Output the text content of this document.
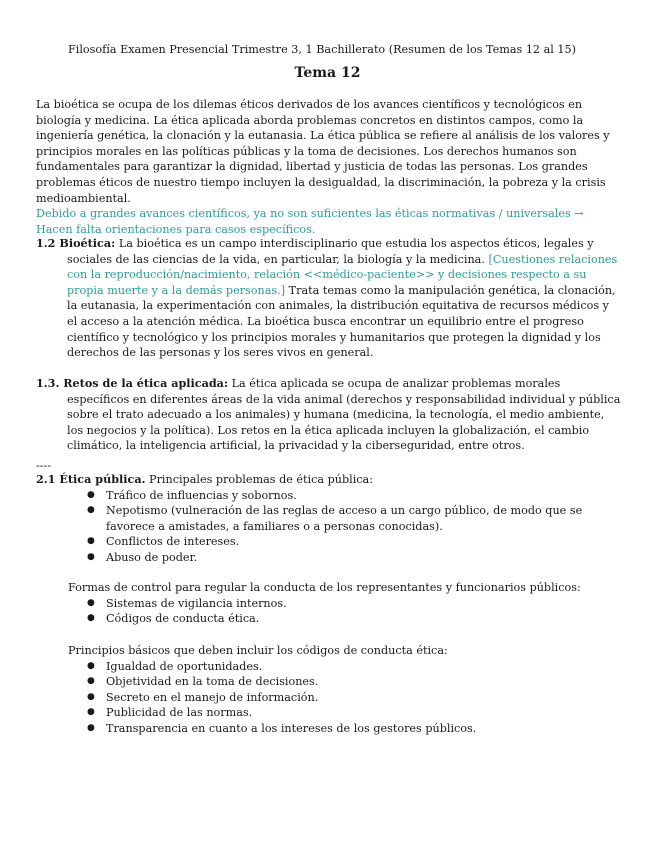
Filosofía Examen Presencial Trimestre 3, 1 Bachillerato (Resumen de los Temas 12 al 15)
Tema 12

La bioética se ocupa de los dilemas éticos derivados de los avances científicos y tecnológicos en biología y medicina. La ética aplicada aborda problemas concretos en distintos campos, como la ingeniería genética, la clonación y la eutanasia. La ética pública se refiere al análisis de los valores y principios morales en las políticas públicas y la toma de decisiones. Los derechos humanos son fundamentales para garantizar la dignidad, libertad y justicia de todas las personas. Los grandes problemas éticos de nuestro tiempo incluyen la desigualdad, la discriminación, la pobreza y la crisis medioambiental.
Debido a grandes avances científicos, ya no son suficientes las éticas normativas / universales → Hacen falta orientaciones para casos específicos.

1.2 Bioética: La bioética es un campo interdisciplinario que estudia los aspectos éticos, legales y sociales de las ciencias de la vida, en particular, la biología y la medicina. [Cuestiones relaciones con la reproducción/nacimiento, relación <<médico-paciente>> y decisiones respecto a su propia muerte y a la demás personas.] Trata temas como la manipulación genética, la clonación, la eutanasia, la experimentación con animales, la distribución equitativa de recursos médicos y el acceso a la atención médica. La bioética busca encontrar un equilibrio entre el progreso científico y tecnológico y los principios morales y humanitarios que protegen la dignidad y los derechos de las personas y los seres vivos en general.

1.3. Retos de la ética aplicada: La ética aplicada se ocupa de analizar problemas morales específicos en diferentes áreas de la vida animal (derechos y responsabilidad individual y pública sobre el trato adecuado a los animales) y humana (medicina, la tecnología, el medio ambiente, los negocios y la política). Los retos en la ética aplicada incluyen la globalización, el cambio climático, la inteligencia artificial, la privacidad y la ciberseguridad, entre otros.

----

2.1 Ética pública. Principales problemas de ética pública:

● Tráfico de influencias y sobornos.
● Nepotismo (vulneración de las reglas de acceso a un cargo público, de modo que se favorece a amistades, a familiares o a personas conocidas).
● Conflictos de intereses.
● Abuso de poder.

Formas de control para regular la conducta de los representantes y funcionarios públicos:

● Sistemas de vigilancia internos.
● Códigos de conducta ética.

Principios básicos que deben incluir los códigos de conducta ética:

● Igualdad de oportunidades.
● Objetividad en la toma de decisiones.
● Secreto en el manejo de información.
● Publicidad de las normas.
● Transparencia en cuanto a los intereses de los gestores públicos.
